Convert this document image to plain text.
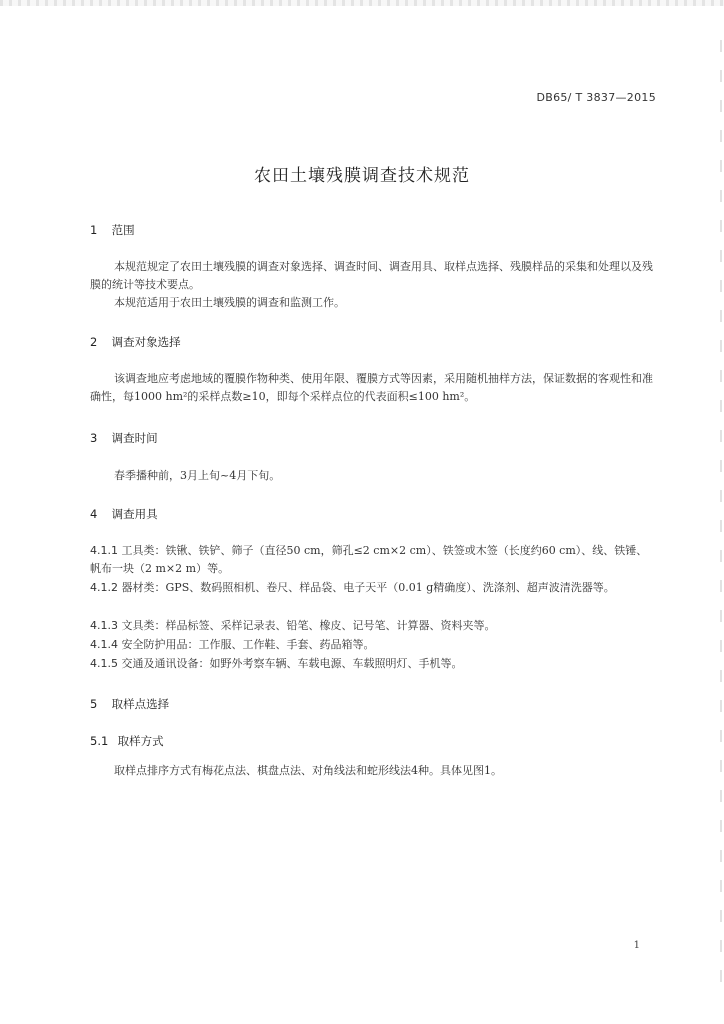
DB65/ T 3837—2015
农田土壤残膜调查技术规范
1 范围
本规范规定了农田土壤残膜的调查对象选择、调查时间、调查用具、取样点选择、残膜样品的采集和处理以及残膜的统计等技术要点。
本规范适用于农田土壤残膜的调查和监测工作。
2 调查对象选择
该调查地应考虑地域的覆膜作物种类、使用年限、覆膜方式等因素，采用随机抽样方法，保证数据的客观性和准确性，每1000 hm²的采样点数≥10，即每个采样点位的代表面积≤100 hm²。
3 调查时间
春季播种前，3月上旬~4月下旬。
4 调查用具
4.1.1 工具类：铁锹、铁铲、筛子（直径50 cm，筛孔≤2 cm×2 cm）、铁签或木签（长度约60 cm）、线、铁锤、帆布一块（2 m×2 m）等。
4.1.2 器材类：GPS、数码照相机、卷尺、样品袋、电子天平（0.01 g精确度）、洗涤剂、超声波清洗器等。
4.1.3 文具类：样品标签、采样记录表、铅笔、橡皮、记号笔、计算器、资料夹等。
4.1.4 安全防护用品：工作服、工作鞋、手套、药品箱等。
4.1.5 交通及通讯设备：如野外考察车辆、车载电源、车载照明灯、手机等。
5 取样点选择
5.1 取样方式
取样点排序方式有梅花点法、棋盘点法、对角线法和蛇形线法4种。具体见图1。
1
